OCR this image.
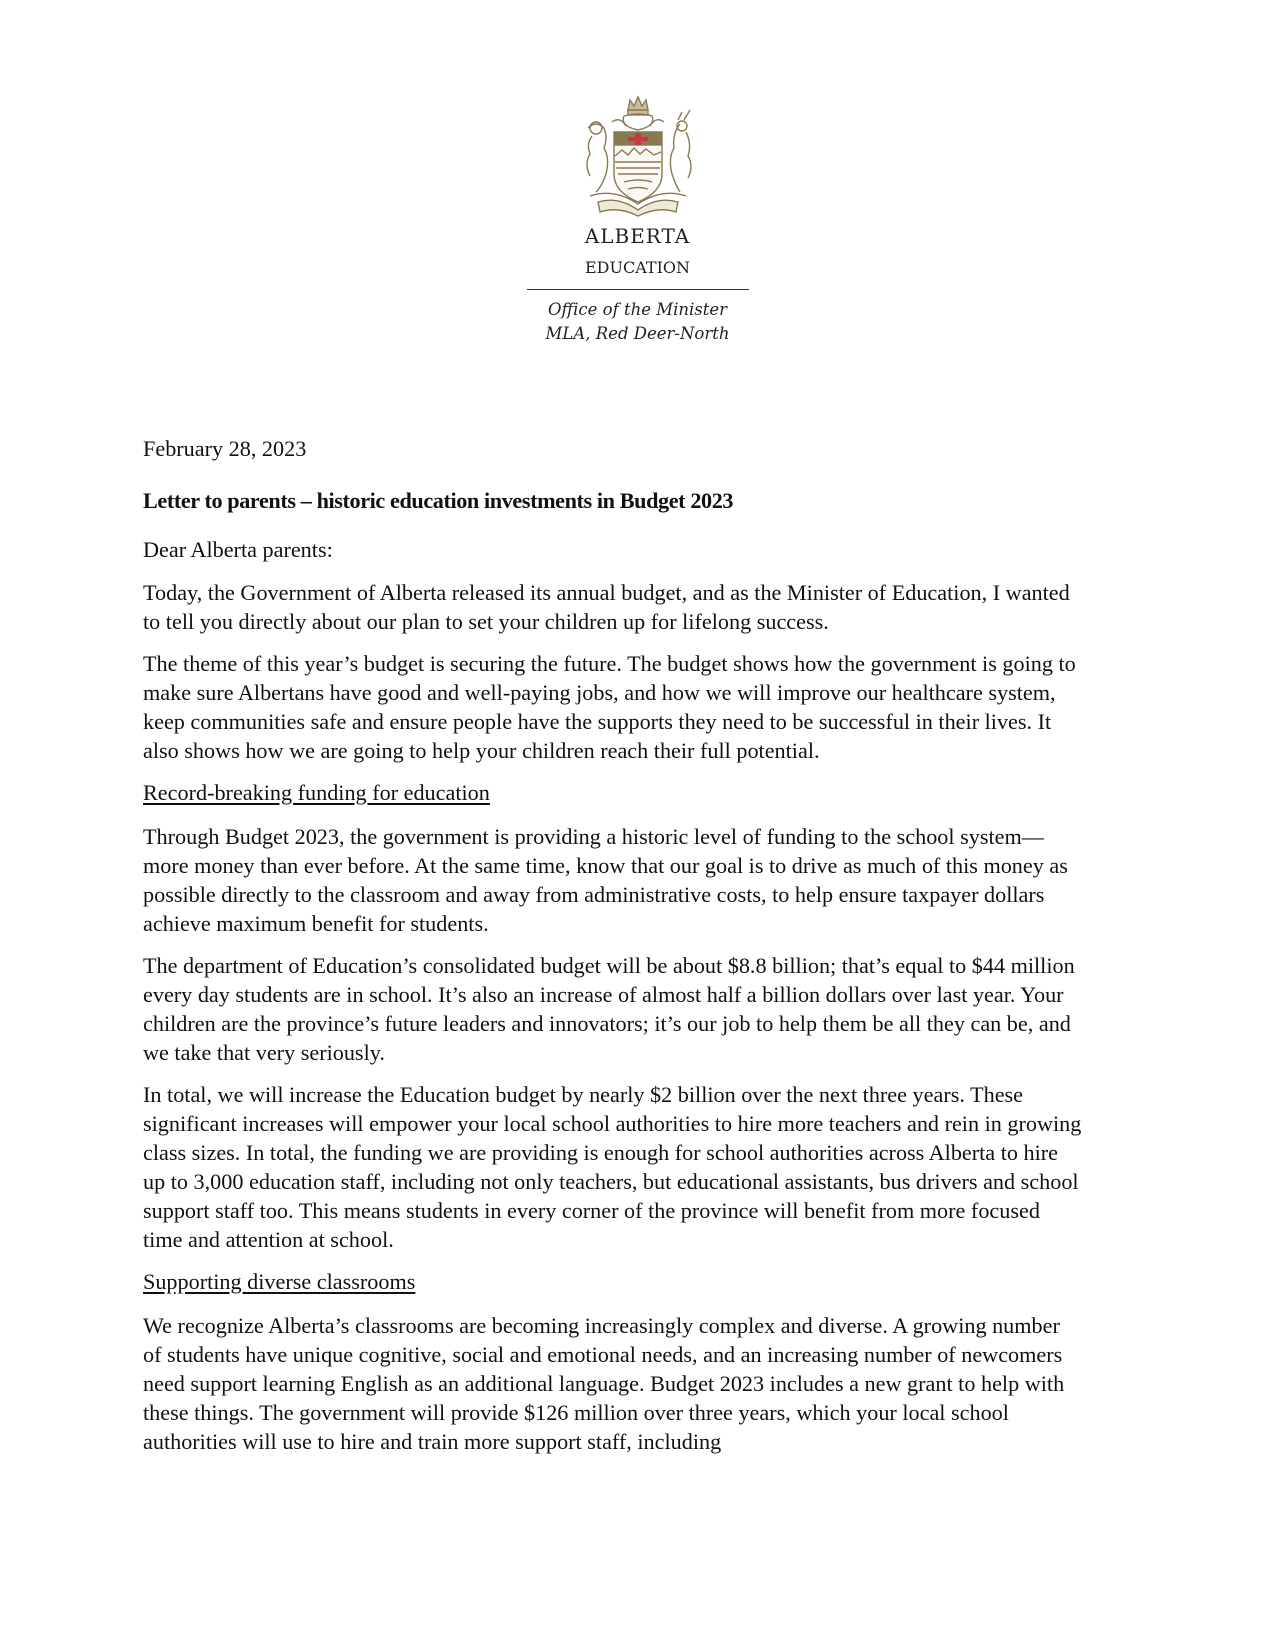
ALBERTA
EDUCATION
Office of the Minister
MLA, Red Deer-North
February 28, 2023
Letter to parents – historic education investments in Budget 2023
Dear Alberta parents:

Today, the Government of Alberta released its annual budget, and as the Minister of Education, I wanted to tell you directly about our plan to set your children up for lifelong success.

The theme of this year’s budget is securing the future. The budget shows how the government is going to make sure Albertans have good and well-paying jobs, and how we will improve our healthcare system, keep communities safe and ensure people have the supports they need to be successful in their lives. It also shows how we are going to help your children reach their full potential.

Record-breaking funding for education

Through Budget 2023, the government is providing a historic level of funding to the school system—more money than ever before. At the same time, know that our goal is to drive as much of this money as possible directly to the classroom and away from administrative costs, to help ensure taxpayer dollars achieve maximum benefit for students.

The department of Education’s consolidated budget will be about $8.8 billion; that’s equal to $44 million every day students are in school. It’s also an increase of almost half a billion dollars over last year. Your children are the province’s future leaders and innovators; it’s our job to help them be all they can be, and we take that very seriously.

In total, we will increase the Education budget by nearly $2 billion over the next three years. These significant increases will empower your local school authorities to hire more teachers and rein in growing class sizes. In total, the funding we are providing is enough for school authorities across Alberta to hire up to 3,000 education staff, including not only teachers, but educational assistants, bus drivers and school support staff too. This means students in every corner of the province will benefit from more focused time and attention at school.

Supporting diverse classrooms

We recognize Alberta’s classrooms are becoming increasingly complex and diverse. A growing number of students have unique cognitive, social and emotional needs, and an increasing number of newcomers need support learning English as an additional language. Budget 2023 includes a new grant to help with these things. The government will provide $126 million over three years, which your local school authorities will use to hire and train more support staff, including
